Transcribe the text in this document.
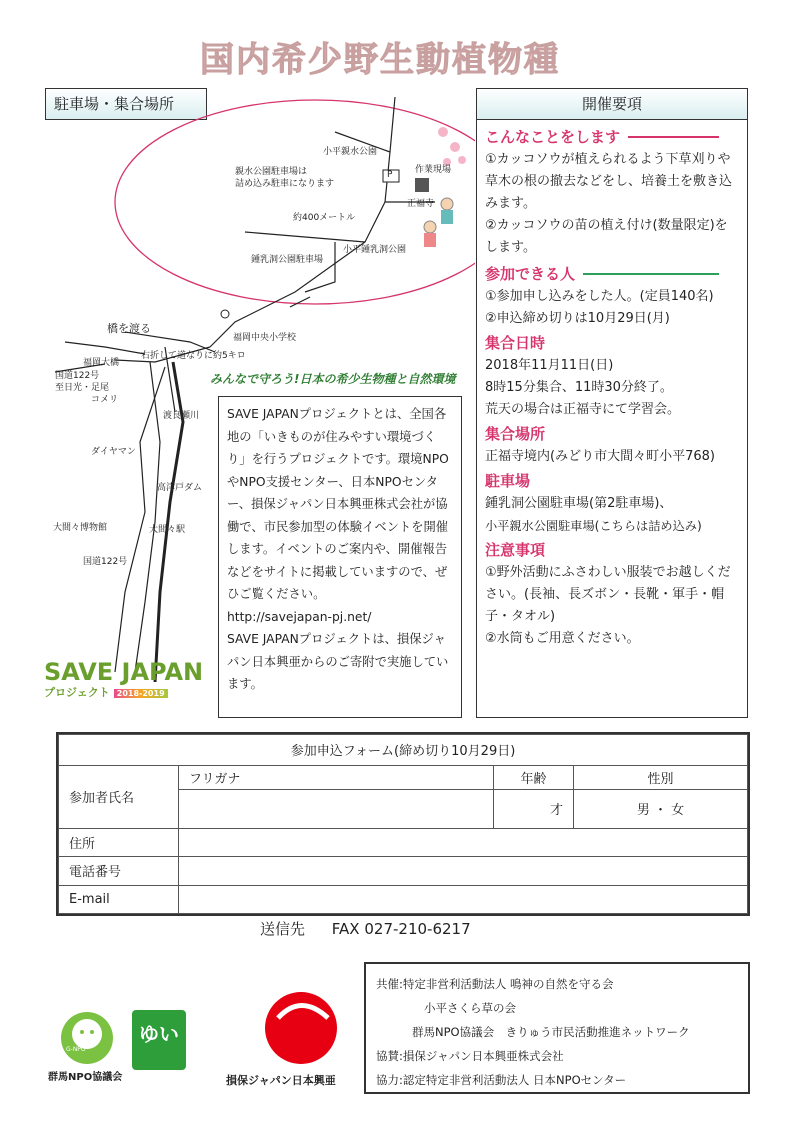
国内希少野生動植物種
駐車場・集合場所
小平親水公園
親水公園駐車場は
詰め込み駐車になります
P	作業現場
正福寺
約400メートル
小平鍾乳洞公園
鍾乳洞公園駐車場
福岡中央小学校
橋を渡る
右折して道なりに約5キロ
福岡大橋
国道122号
至日光・足尾
コメリ
渡良瀬川
ダイヤマン
高津戸ダム
大間々博物館	大間々駅
国道122号
開催要項
こんなことをします

①カッコソウが植えられるよう下草刈りや草木の根の撤去などをし、培養土を敷き込みます。

②カッコソウの苗の植え付け(数量限定)をします。

参加できる人

①参加申し込みをした人。(定員140名)

②申込締め切りは10月29日(月)

集合日時

2018年11月11日(日)

8時15分集合、11時30分終了。

荒天の場合は正福寺にて学習会。

集合場所

正福寺境内(みどり市大間々町小平768)

駐車場

鍾乳洞公園駐車場(第2駐車場)、

小平親水公園駐車場(こちらは詰め込み)

注意事項

①野外活動にふさわしい服装でお越しください。(長袖、長ズボン・長靴・軍手・帽子・タオル)

②水筒もご用意ください。

みんなで守ろう!日本の希少生物種と自然環境

SAVE JAPANプロジェクトとは、全国各地の「いきものが住みやすい環境づくり」を行うプロジェクトです。環境NPOやNPO支援センター、日本NPOセンター、損保ジャパン日本興亜株式会社が協働で、市民参加型の体験イベントを開催します。イベントのご案内や、開催報告などをサイトに掲載していますので、ぜひご覧ください。

http://savejapan-pj.net/

SAVE JAPANプロジェクトは、損保ジャパン日本興亜からのご寄附で実施しています。

SAVE JAPAN
プロジェクト 2018-2019
参加申込フォーム(締め切り10月29日)			
参加者氏名	フリガナ	年齢	性別
		才	男 ・ 女
住所			
電話番号			
E-mail			
送信先 FAX 027-210-6217
G-NPO
群馬NPO協議会
ゆい
損保ジャパン日本興亜

共催:特定非営利活動法人 鳴神の自然を守る会

小平さくら草の会

群馬NPO協議会　きりゅう市民活動推進ネットワーク

協賛:損保ジャパン日本興亜株式会社

協力:認定特定非営利活動法人 日本NPOセンター
